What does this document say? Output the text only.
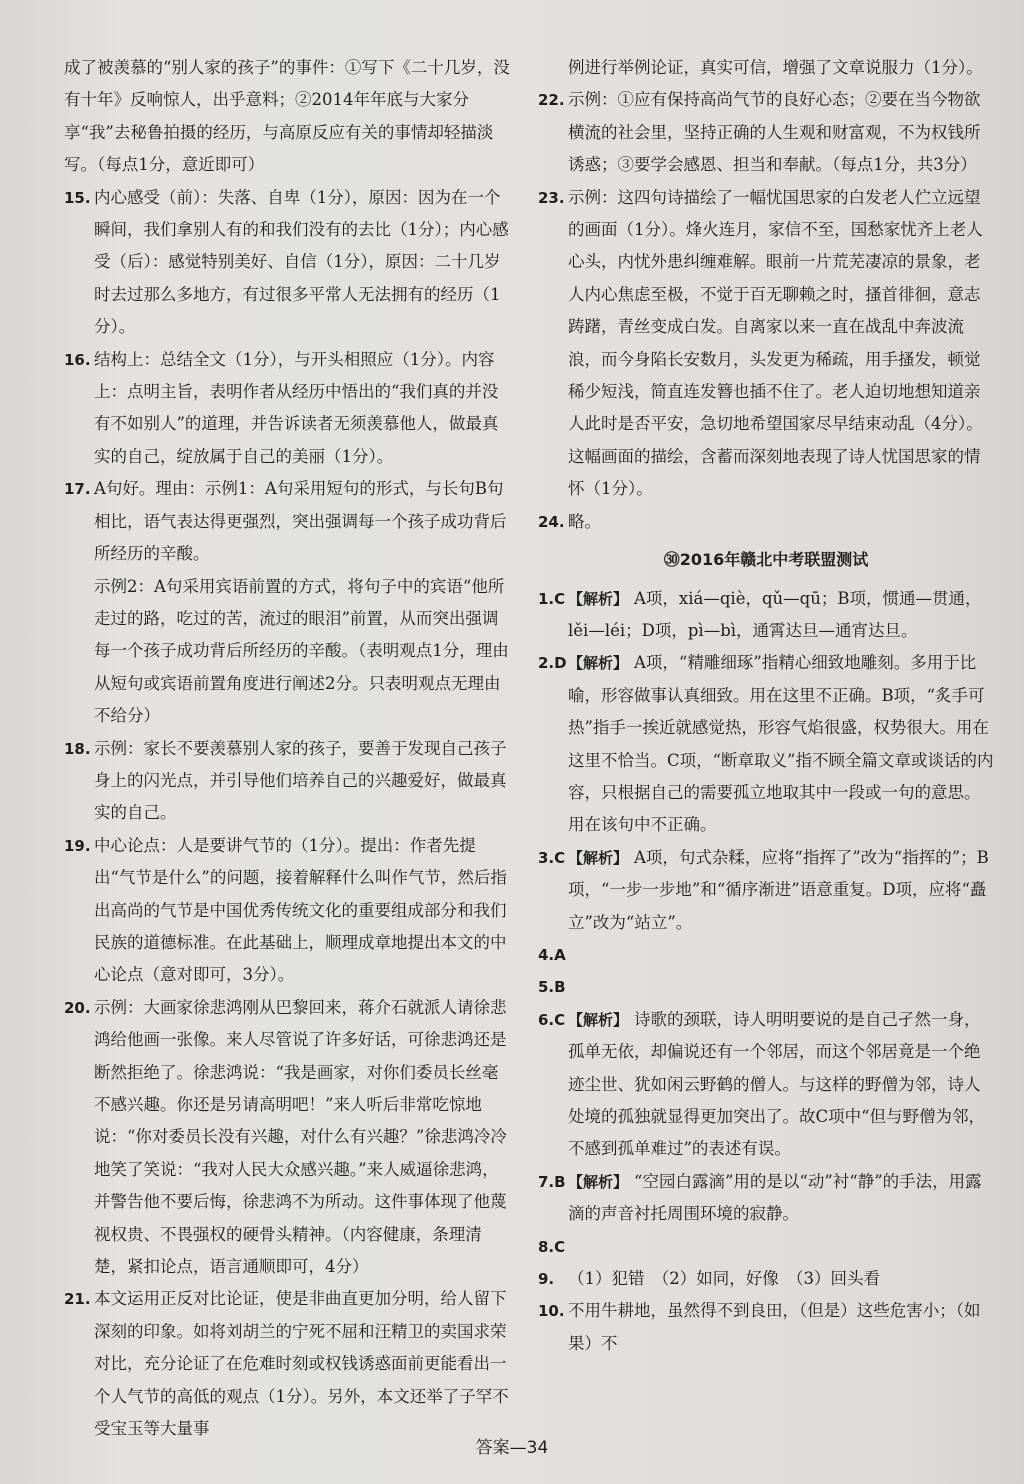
成了被羡慕的“别人家的孩子”的事件：①写下《二十几岁，没有十年》反响惊人，出乎意料；②2014年年底与大家分享“我”去秘鲁拍摄的经历，与高原反应有关的事情却轻描淡写。（每点1分，意近即可）

15. 内心感受（前）：失落、自卑（1分），原因：因为在一个瞬间，我们拿别人有的和我们没有的去比（1分）；内心感受（后）：感觉特别美好、自信（1分），原因：二十几岁时去过那么多地方，有过很多平常人无法拥有的经历（1分）。
16. 结构上：总结全文（1分），与开头相照应（1分）。内容上：点明主旨，表明作者从经历中悟出的“我们真的并没有不如别人”的道理，并告诉读者无须羡慕他人，做最真实的自己，绽放属于自己的美丽（1分）。
17. A句好。理由：示例1：A句采用短句的形式，与长句B句相比，语气表达得更强烈，突出强调每一个孩子成功背后所经历的辛酸。

示例2：A句采用宾语前置的方式，将句子中的宾语“他所走过的路，吃过的苦，流过的眼泪”前置，从而突出强调每一个孩子成功背后所经历的辛酸。（表明观点1分，理由从短句或宾语前置角度进行阐述2分。只表明观点无理由不给分）

18. 示例：家长不要羡慕别人家的孩子，要善于发现自己孩子身上的闪光点，并引导他们培养自己的兴趣爱好，做最真实的自己。
19. 中心论点：人是要讲气节的（1分）。提出：作者先提出“气节是什么”的问题，接着解释什么叫作气节，然后指出高尚的气节是中国优秀传统文化的重要组成部分和我们民族的道德标准。在此基础上，顺理成章地提出本文的中心论点（意对即可，3分）。
20. 示例：大画家徐悲鸿刚从巴黎回来，蒋介石就派人请徐悲鸿给他画一张像。来人尽管说了许多好话，可徐悲鸿还是断然拒绝了。徐悲鸿说：“我是画家，对你们委员长丝毫不感兴趣。你还是另请高明吧！”来人听后非常吃惊地说：“你对委员长没有兴趣，对什么有兴趣？”徐悲鸿冷冷地笑了笑说：“我对人民大众感兴趣。”来人威逼徐悲鸿，并警告他不要后悔，徐悲鸿不为所动。这件事体现了他蔑视权贵、不畏强权的硬骨头精神。（内容健康，条理清楚，紧扣论点，语言通顺即可，4分）
21. 本文运用正反对比论证，使是非曲直更加分明，给人留下深刻的印象。如将刘胡兰的宁死不屈和汪精卫的卖国求荣对比，充分论证了在危难时刻或权钱诱惑面前更能看出一个人气节的高低的观点（1分）。另外，本文还举了子罕不受宝玉等大量事

例进行举例论证，真实可信，增强了文章说服力（1分）。

22. 示例：①应有保持高尚气节的良好心态；②要在当今物欲横流的社会里，坚持正确的人生观和财富观，不为权钱所诱惑；③要学会感恩、担当和奉献。（每点1分，共3分）
23. 示例：这四句诗描绘了一幅忧国思家的白发老人伫立远望的画面（1分）。烽火连月，家信不至，国愁家忧齐上老人心头，内忧外患纠缠难解。眼前一片荒芜凄凉的景象，老人内心焦虑至极，不觉于百无聊赖之时，搔首徘徊，意志踌躇，青丝变成白发。自离家以来一直在战乱中奔波流浪，而今身陷长安数月，头发更为稀疏，用手搔发，顿觉稀少短浅，简直连发簪也插不住了。老人迫切地想知道亲人此时是否平安，急切地希望国家尽早结束动乱（4分）。这幅画面的描绘，含蓄而深刻地表现了诗人忧国思家的情怀（1分）。
24. 略。
㉚2016年赣北中考联盟测试
1.C 【解析】 A项，xiá—qiè，qǔ—qū；B项，惯通—贯通，lěi—léi；D项，pì—bì，通霄达旦—通宵达旦。
2.D 【解析】 A项，“精雕细琢”指精心细致地雕刻。多用于比喻，形容做事认真细致。用在这里不正确。B项，“炙手可热”指手一挨近就感觉热，形容气焰很盛，权势很大。用在这里不恰当。C项，“断章取义”指不顾全篇文章或谈话的内容，只根据自己的需要孤立地取其中一段或一句的意思。用在该句中不正确。
3.C 【解析】 A项，句式杂糅，应将“指挥了”改为“指挥的”；B项，“一步一步地”和“循序渐进”语意重复。D项，应将“矗立”改为“站立”。
4.A

5.B

6.C 【解析】 诗歌的颈联，诗人明明要说的是自己孑然一身，孤单无依，却偏说还有一个邻居，而这个邻居竟是一个绝迹尘世、犹如闲云野鹤的僧人。与这样的野僧为邻，诗人处境的孤独就显得更加突出了。故C项中“但与野僧为邻，不感到孤单难过”的表述有误。
7.B 【解析】 “空园白露滴”用的是以“动”衬“静”的手法，用露滴的声音衬托周围环境的寂静。
8.C

9. （1）犯错　（2）如同，好像　（3）回头看
10. 不用牛耕地，虽然得不到良田，（但是）这些危害小；（如果）不
答案—34
